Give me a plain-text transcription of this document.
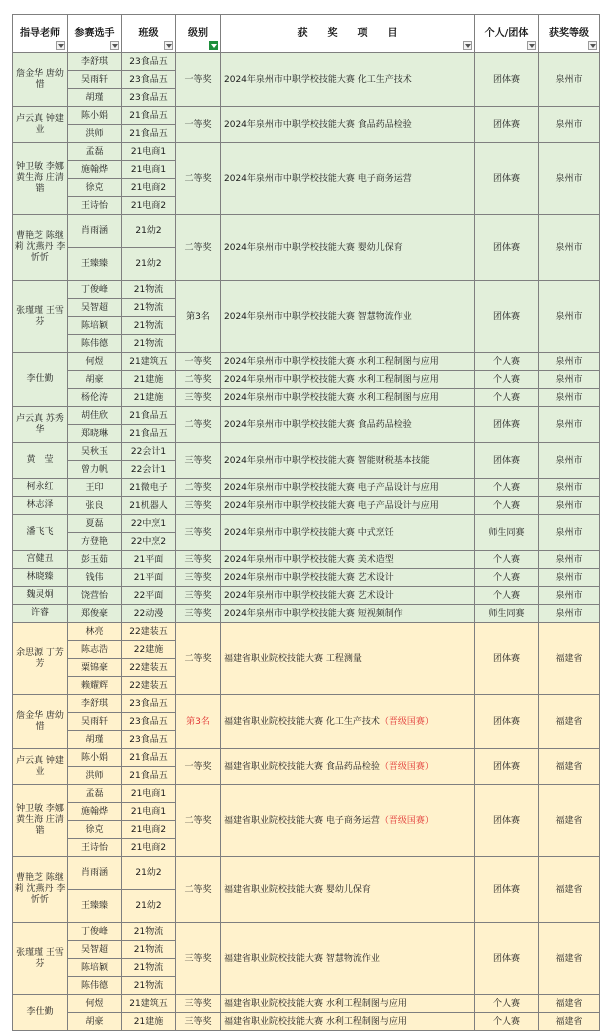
指导老师	参赛选手	班级	级别	获　　奖　　项　　目	个人/团体	获奖等级

詹金华 唐幼惜	李舒琪	23食品五	一等奖	2024年泉州市中职学校技能大赛 化工生产技术	团体赛	泉州市
	吴雨轩	23食品五				
	胡瑾	23食品五				
卢云真 钟建业	陈小娟	21食品五	一等奖	2024年泉州市中职学校技能大赛 食品药品检验	团体赛	泉州市
	洪师	21食品五				
钟卫敏 李娜 黄生海 庄清锴	孟磊	21电商1	二等奖	2024年泉州市中职学校技能大赛 电子商务运营	团体赛	泉州市
	施翰烨	21电商1				
	徐克	21电商2				
	王诗怡	21电商2				
曹艳芝 陈继莉 沈燕丹 李忻忻	肖雨涵	21幼2	二等奖	2024年泉州市中职学校技能大赛 婴幼儿保育	团体赛	泉州市
	王臻臻	21幼2				
张瑾瑾 王雪芬	丁俊峰	21物流	第3名	2024年泉州市中职学校技能大赛 智慧物流作业	团体赛	泉州市
	吴智超	21物流				
	陈培颖	21物流				
	陈伟德	21物流				
李仕勤	何煜	21建筑五	一等奖	2024年泉州市中职学校技能大赛 水利工程制图与应用	个人赛	泉州市
	胡豪	21建施	二等奖	2024年泉州市中职学校技能大赛 水利工程制图与应用	个人赛	泉州市
	杨伦涛	21建施	三等奖	2024年泉州市中职学校技能大赛 水利工程制图与应用	个人赛	泉州市
卢云真 苏秀华	胡佳欣	21食品五	二等奖	2024年泉州市中职学校技能大赛 食品药品检验	团体赛	泉州市
	郑晓琳	21食品五				
黄　莹	吴秋玉	22会计1	三等奖	2024年泉州市中职学校技能大赛 智能财税基本技能	团体赛	泉州市
	曾力帆	22会计1				
柯永红	王印	21微电子	二等奖	2024年泉州市中职学校技能大赛 电子产品设计与应用	个人赛	泉州市
林志泽	张良	21机器人	三等奖	2024年泉州市中职学校技能大赛 电子产品设计与应用	个人赛	泉州市
潘飞飞	夏磊	22中烹1	三等奖	2024年泉州市中职学校技能大赛 中式烹饪	师生同赛	泉州市
	方登艳	22中烹2				
宫健丑	彭玉茹	21平面	三等奖	2024年泉州市中职学校技能大赛 美术造型	个人赛	泉州市
林晓臻	钱伟	21平面	三等奖	2024年泉州市中职学校技能大赛 艺术设计	个人赛	泉州市
魏灵炯	饶营怡	22平面	三等奖	2024年泉州市中职学校技能大赛 艺术设计	个人赛	泉州市
许睿	郑俊豪	22动漫	三等奖	2024年泉州市中职学校技能大赛 短视频制作	师生同赛	泉州市
余思源 丁芳芳	林亮	22建装五	二等奖	福建省职业院校技能大赛 工程测量	团体赛	福建省
	陈志浩	22建施				
	粟锦豪	22建装五				
	赖耀辉	22建装五				
詹金华 唐幼惜	李舒琪	23食品五	第3名	福建省职业院校技能大赛 化工生产技术（晋级国赛）	团体赛	福建省
	吴雨轩	23食品五				
	胡瑾	23食品五				
卢云真 钟建业	陈小娟	21食品五	一等奖	福建省职业院校技能大赛 食品药品检验（晋级国赛）	团体赛	福建省
	洪师	21食品五				
钟卫敏 李娜 黄生海 庄清锴	孟磊	21电商1	二等奖	福建省职业院校技能大赛 电子商务运营（晋级国赛）	团体赛	福建省
	施翰烨	21电商1				
	徐克	21电商2				
	王诗怡	21电商2				
曹艳芝 陈继莉 沈燕丹 李忻忻	肖雨涵	21幼2	二等奖	福建省职业院校技能大赛 婴幼儿保育	团体赛	福建省
	王臻臻	21幼2				
张瑾瑾 王雪芬	丁俊峰	21物流	三等奖	福建省职业院校技能大赛 智慧物流作业	团体赛	福建省
	吴智超	21物流				
	陈培颖	21物流				
	陈伟德	21物流				
李仕勤	何煜	21建筑五	三等奖	福建省职业院校技能大赛 水利工程制图与应用	个人赛	福建省
	胡豪	21建施	三等奖	福建省职业院校技能大赛 水利工程制图与应用	个人赛	福建省
